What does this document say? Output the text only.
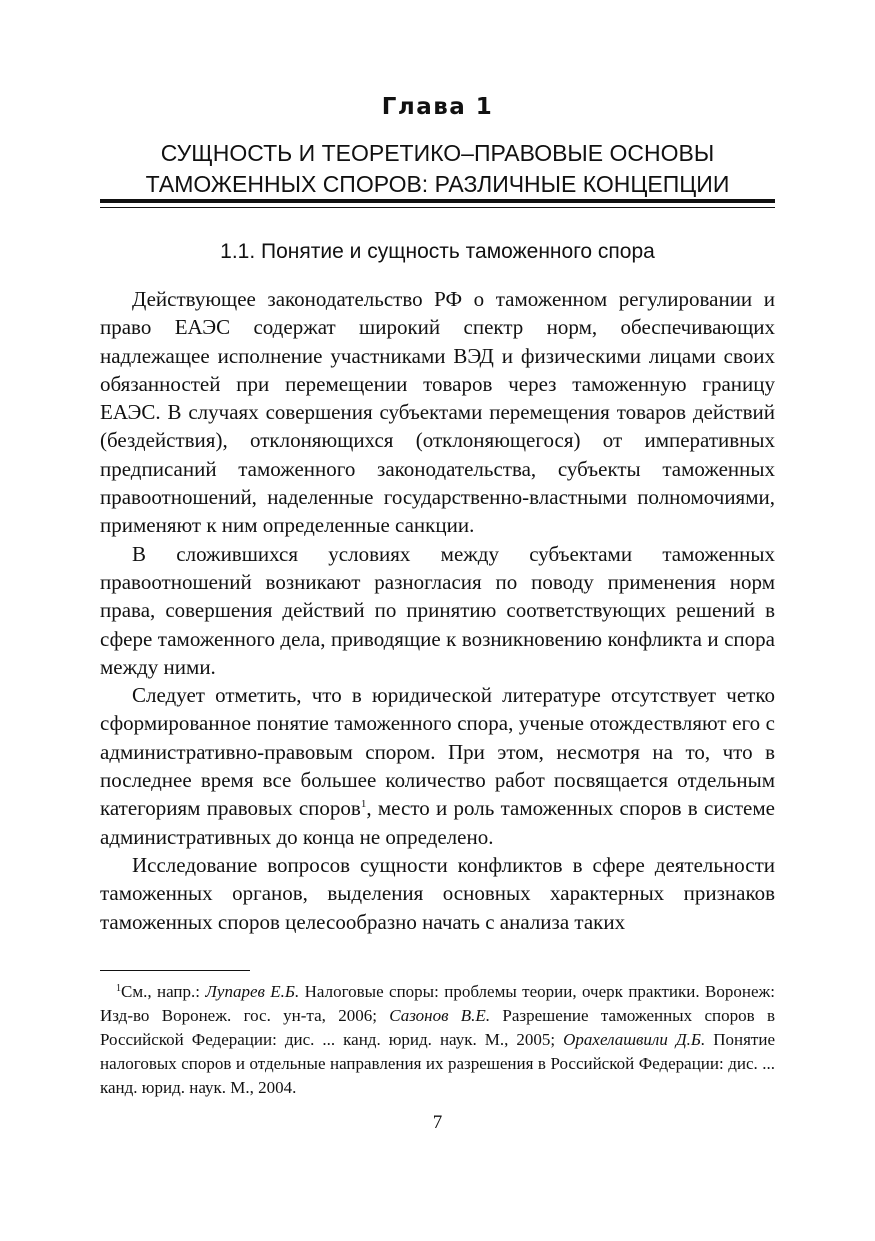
Глава 1
СУЩНОСТЬ И ТЕОРЕТИКО–ПРАВОВЫЕ ОСНОВЫ
ТАМОЖЕННЫХ СПОРОВ: РАЗЛИЧНЫЕ КОНЦЕПЦИИ
1.1. Понятие и сущность таможенного спора

Действующее законодательство РФ о таможенном регулировании и право ЕАЭС содержат широкий спектр норм, обеспечивающих надлежащее исполнение участниками ВЭД и физическими лицами своих обязанностей при перемещении товаров через таможенную границу ЕАЭС. В случаях совершения субъектами перемещения товаров действий (бездействия), отклоняющихся (отклоняющегося) от императивных предписаний таможенного законодательства, субъекты таможенных правоотношений, наделенные государственно-властными полномочиями, применяют к ним определенные санкции.

В сложившихся условиях между субъектами таможенных правоотношений возникают разногласия по поводу применения норм права, совершения действий по принятию соответствующих решений в сфере таможенного дела, приводящие к возникновению конфликта и спора между ними.

Следует отметить, что в юридической литературе отсутствует четко сформированное понятие таможенного спора, ученые отождествляют его с административно-правовым спором. При этом, несмотря на то, что в последнее время все большее количество работ посвящается отдельным категориям правовых споров$^1$, место и роль таможенных споров в системе административных до конца не определено.

Исследование вопросов сущности конфликтов в сфере деятельности таможенных органов, выделения основных характерных признаков таможенных споров целесообразно начать с анализа таких

$^1$См., напр.: Лупарев Е.Б. Налоговые споры: проблемы теории, очерк практики. Воронеж: Изд-во Воронеж. гос. ун-та, 2006; Сазонов В.Е. Разрешение таможенных споров в Российской Федерации: дис. ... канд. юрид. наук. М., 2005; Орахелашвили Д.Б. Понятие налоговых споров и отдельные направления их разрешения в Российской Федерации: дис. ... канд. юрид. наук. М., 2004.

7
